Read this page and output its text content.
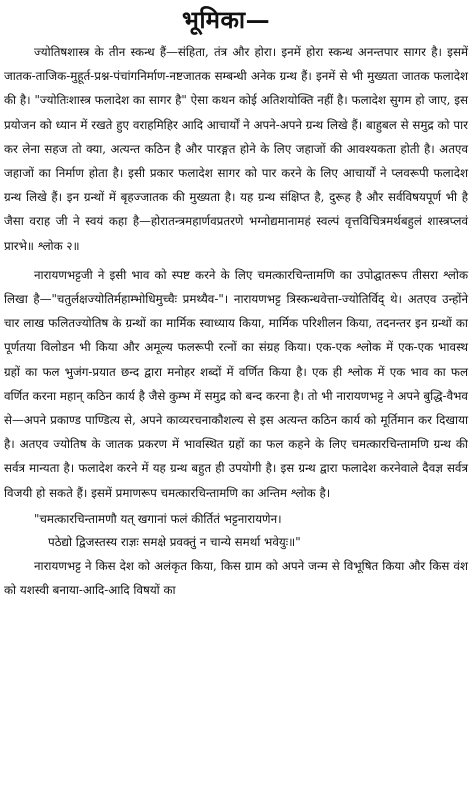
भूमिका—

ज्योतिषशास्त्र के तीन स्कन्ध हैं—संहिता, तंत्र और होरा। इनमें होरा स्कन्ध अनन्तपार सागर है। इसमें जातक-ताजिक-मुहूर्त-प्रश्न-पंचांगनिर्माण-नष्टजातक सम्बन्धी अनेक ग्रन्थ हैं। इनमें से भी मुख्यता जातक फलादेश की है। "ज्योतिःशास्त्र फलादेश का सागर है" ऐसा कथन कोई अतिशयोक्ति नहीं है। फलादेश सुगम हो जाए, इस प्रयोजन को ध्यान में रखते हुए वराहमिहिर आदि आचार्यों ने अपने-अपने ग्रन्थ लिखे हैं। बाहुबल से समुद्र को पार कर लेना सहज तो क्या, अत्यन्त कठिन है और पारङ्गत होने के लिए जहाजों की आवश्यकता होती है। अतएव जहाजों का निर्माण होता है। इसी प्रकार फलादेश सागर को पार करने के लिए आचार्यों ने प्लवरूपी फलादेश ग्रन्थ लिखे हैं। इन ग्रन्थों में बृहज्जातक की मुख्यता है। यह ग्रन्थ संक्षिप्त है, दुरूह है और सर्वविषयपूर्ण भी है जैसा वराह जी ने स्वयं कहा है—होरातन्त्रमहार्णवप्रतरणे भग्नोद्यमानामहं स्वल्पं वृत्तविचित्रमर्थबहुलं शास्त्रप्लवं प्रारभे॥ श्लोक २॥

नारायणभट्टजी ने इसी भाव को स्पष्ट करने के लिए चमत्कारचिन्तामणि का उपोद्घातरूप तीसरा श्लोक लिखा है—"चतुर्लक्षज्योतिर्महाम्भोधिमुच्चैः प्रमथ्यैव-"। नारायणभट्ट त्रिस्कन्धवेत्ता-ज्योतिर्विद् थे। अतएव उन्होंने चार लाख फलितज्योतिष के ग्रन्थों का मार्मिक स्वाध्याय किया, मार्मिक परिशीलन किया, तदनन्तर इन ग्रन्थों का पूर्णतया विलोडन भी किया और अमूल्य फलरूपी रत्नों का संग्रह किया। एक-एक श्लोक में एक-एक भावस्थ ग्रहों का फल भुजंग-प्रयात छन्द द्वारा मनोहर शब्दों में वर्णित किया है। एक ही श्लोक में एक भाव का फल वर्णित करना महान् कठिन कार्य है जैसे कुम्भ में समुद्र को बन्द करना है। तो भी नारायणभट्ट ने अपने बुद्धि-वैभव से—अपने प्रकाण्ड पाण्डित्य से, अपने काव्यरचनाकौशल्य से इस अत्यन्त कठिन कार्य को मूर्तिमान कर दिखाया है। अतएव ज्योतिष के जातक प्रकरण में भावस्थित ग्रहों का फल कहने के लिए चमत्कारचिन्तामणि ग्रन्थ की सर्वत्र मान्यता है। फलादेश करने में यह ग्रन्थ बहुत ही उपयोगी है। इस ग्रन्थ द्वारा फलादेश करनेवाले दैवज्ञ सर्वत्र विजयी हो सकते हैं। इसमें प्रमाणरूप चमत्कारचिन्तामणि का अन्तिम श्लोक है।

"चमत्कारचिन्तामणौ यत् खगानां फलं कीर्तितं भट्टनारायणेन।
पठेद्यो द्विजस्तस्य राज्ञः समक्षे प्रवक्तुं न चान्ये समर्था भवेयुः॥"

नारायणभट्ट ने किस देश को अलंकृत किया, किस ग्राम को अपने जन्म से विभूषित किया और किस वंश को यशस्वी बनाया-आदि-आदि विषयों का
